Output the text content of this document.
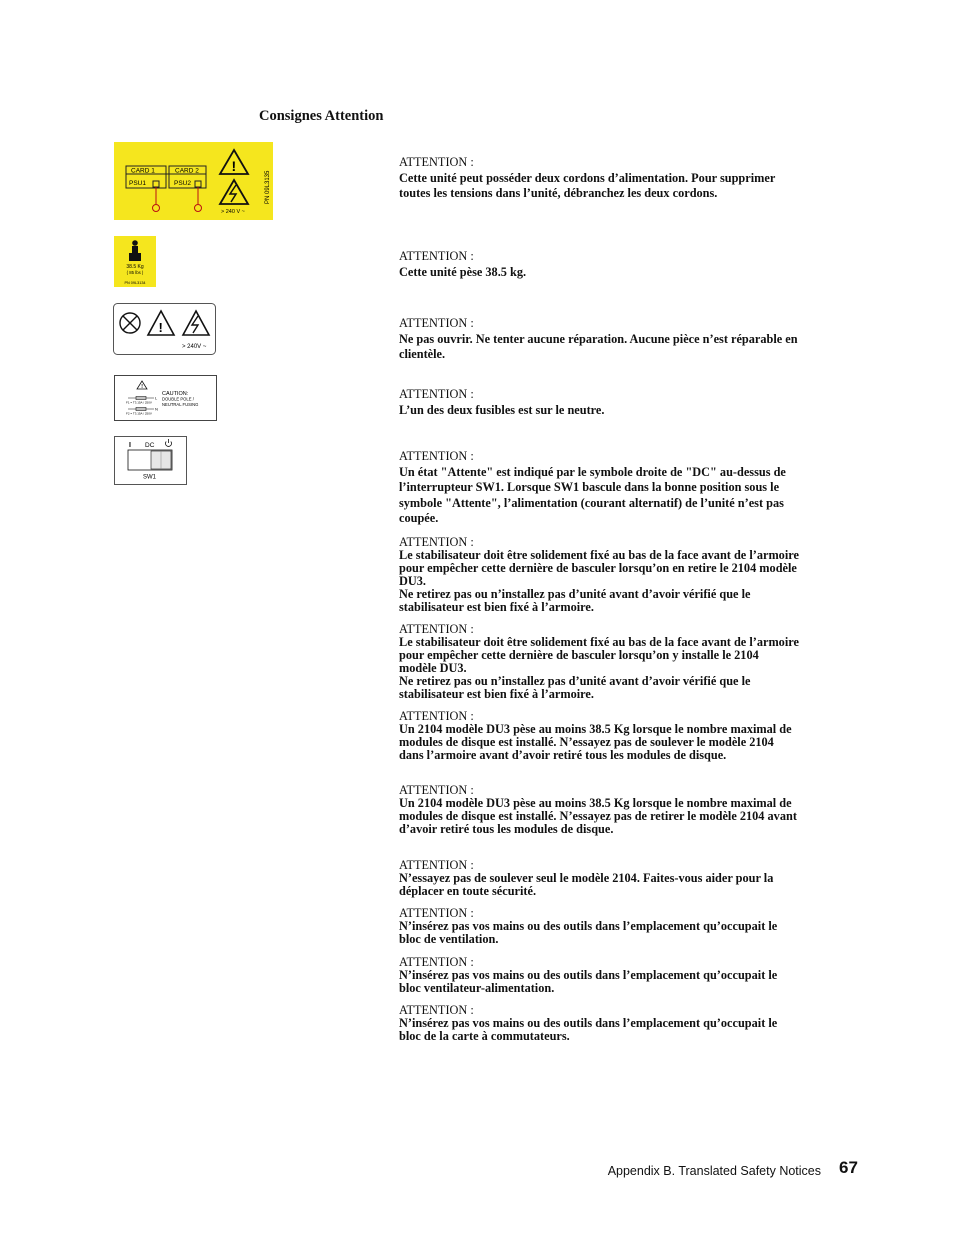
Consignes Attention
CARD 1	CARD 2
PSU1	PSU2
!
> 240 V ~
PN 09L3135
38.5 Kg
( 85 lbs )
PN 09L3134
!
> 240V ~
!
CAUTION:
DOUBLE POLE /
NEUTRAL FUSING
L
N
F1 = T3.15A / 250V
F2 = T3.15A / 250V
I DC
SW1
ATTENTION :
Cette unité peut posséder deux cordons d’alimentation. Pour supprimer toutes les tensions dans l’unité, débranchez les deux cordons.
ATTENTION :
Cette unité pèse 38.5 kg.
ATTENTION :
Ne pas ouvrir. Ne tenter aucune réparation. Aucune pièce n’est réparable en clientèle.
ATTENTION :
L’un des deux fusibles est sur le neutre.
ATTENTION :
Un état "Attente" est indiqué par le symbole droite de "DC" au-dessus de l’interrupteur SW1. Lorsque SW1 bascule dans la bonne position sous le symbole "Attente", l’alimentation (courant alternatif) de l’unité n’est pas coupée.
ATTENTION :
Le stabilisateur doit être solidement fixé au bas de la face avant de l’armoire pour empêcher cette dernière de basculer lorsqu’on en retire le 2104 modèle DU3.
Ne retirez pas ou n’installez pas d’unité avant d’avoir vérifié que le stabilisateur est bien fixé à l’armoire.
ATTENTION :
Le stabilisateur doit être solidement fixé au bas de la face avant de l’armoire pour empêcher cette dernière de basculer lorsqu’on y installe le 2104 modèle DU3.
Ne retirez pas ou n’installez pas d’unité avant d’avoir vérifié que le stabilisateur est bien fixé à l’armoire.
ATTENTION :
Un 2104 modèle DU3 pèse au moins 38.5 Kg lorsque le nombre maximal de modules de disque est installé. N’essayez pas de soulever le modèle 2104 dans l’armoire avant d’avoir retiré tous les modules de disque.
ATTENTION :
Un 2104 modèle DU3 pèse au moins 38.5 Kg lorsque le nombre maximal de modules de disque est installé. N’essayez pas de retirer le modèle 2104 avant d’avoir retiré tous les modules de disque.
ATTENTION :
N’essayez pas de soulever seul le modèle 2104. Faites-vous aider pour la déplacer en toute sécurité.
ATTENTION :
N’insérez pas vos mains ou des outils dans l’emplacement qu’occupait le bloc de ventilation.
ATTENTION :
N’insérez pas vos mains ou des outils dans l’emplacement qu’occupait le bloc ventilateur-alimentation.
ATTENTION :
N’insérez pas vos mains ou des outils dans l’emplacement qu’occupait le bloc de la carte à commutateurs.
Appendix B. Translated Safety Notices 67
